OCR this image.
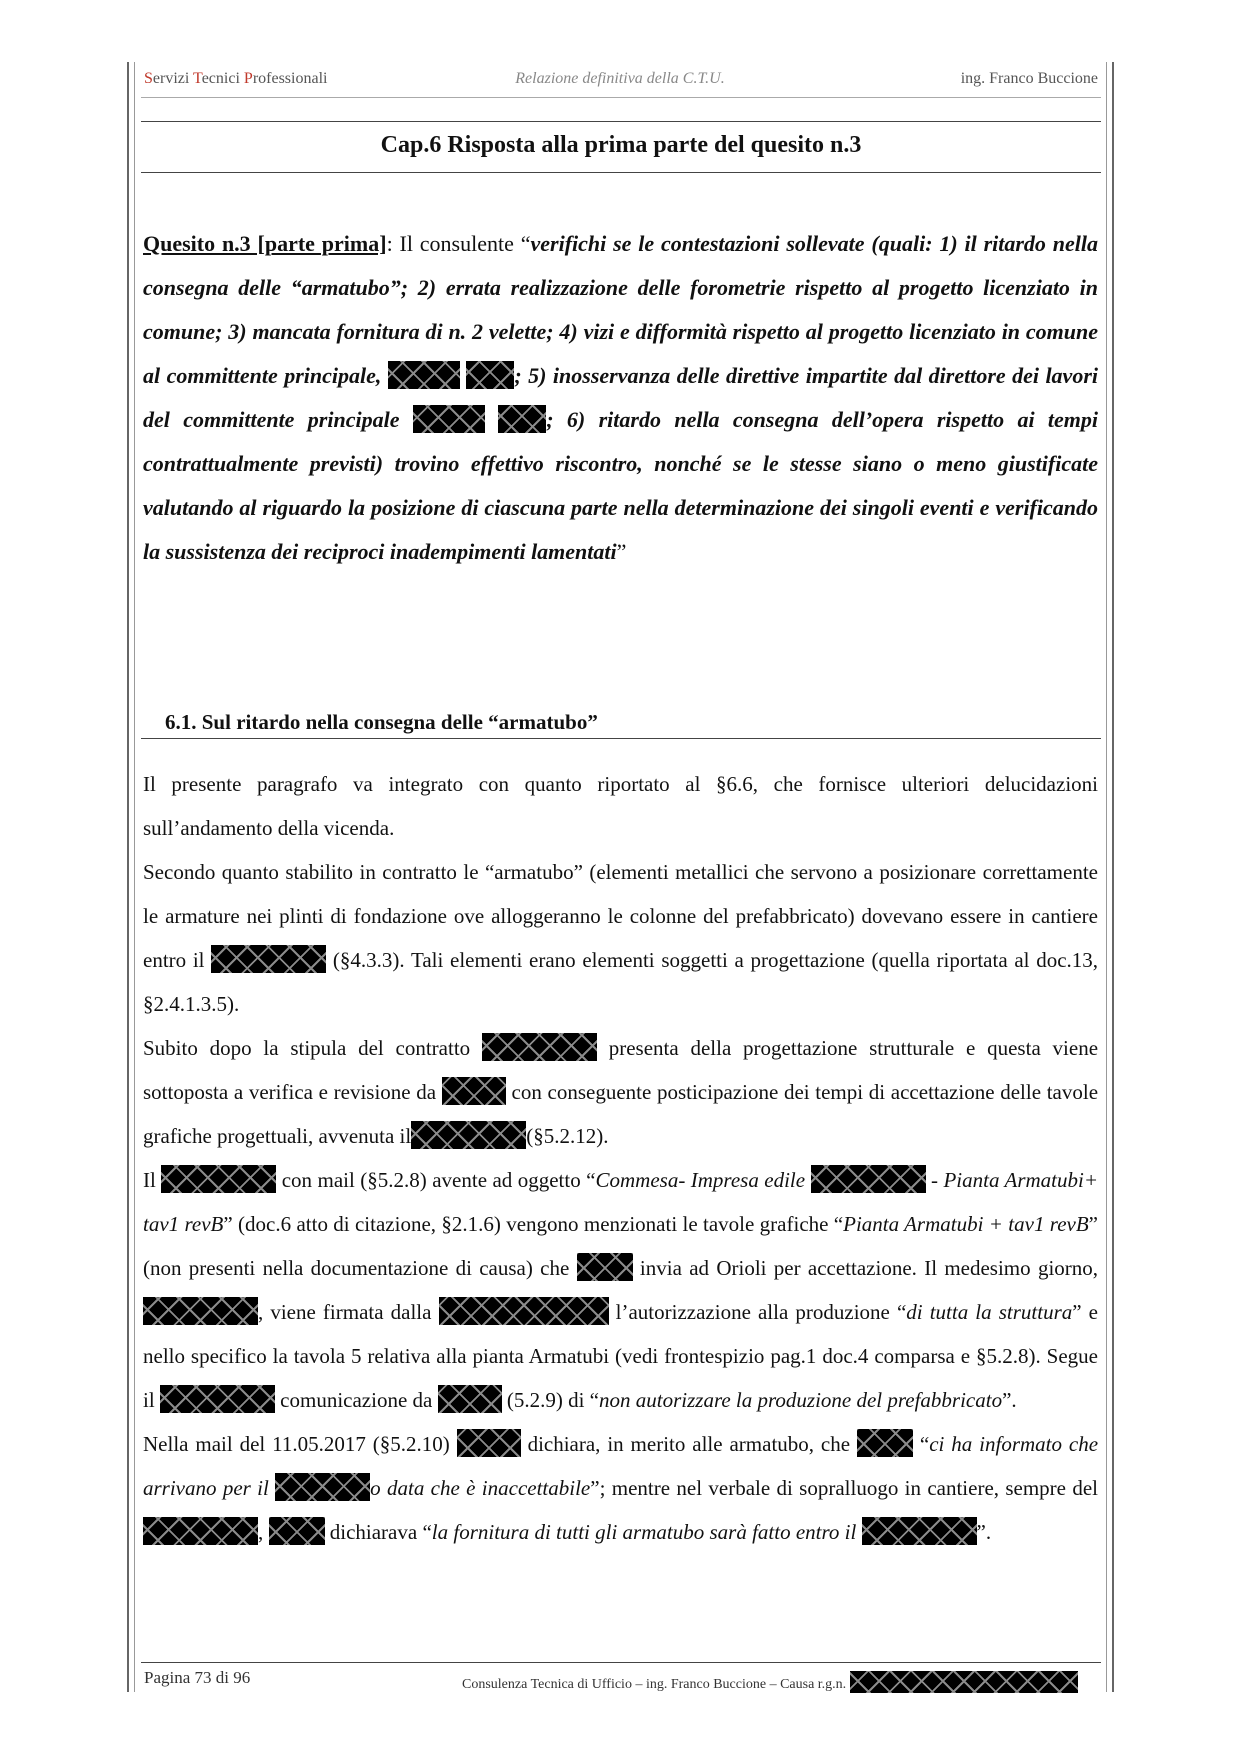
Servizi Tecnici Professionali	Relazione definitiva della C.T.U.	ing. Franco Buccione
Cap.6 Risposta alla prima parte del quesito n.3
Quesito n.3 [parte prima]: Il consulente “verifichi se le contestazioni sollevate (quali: 1) il ritardo nella consegna delle “armatubo”; 2) errata realizzazione delle forometrie rispetto al progetto licenziato in comune; 3) mancata fornitura di n. 2 velette; 4) vizi e difformità rispetto al progetto licenziato in comune al committente principale,	; 5) inosservanza delle direttive impartite dal direttore dei lavori del committente principale	; 6) ritardo nella consegna dell’opera rispetto ai tempi contrattualmente previsti) trovino effettivo riscontro, nonché se le stesse siano o meno giustificate valutando al riguardo la posizione di ciascuna parte nella determinazione dei singoli eventi e verificando la sussistenza dei reciproci inadempimenti lamentati”
6.1. Sul ritardo nella consegna delle “armatubo”

Il presente paragrafo va integrato con quanto riportato al §6.6, che fornisce ulteriori delucidazioni sull’andamento della vicenda.

Secondo quanto stabilito in contratto le “armatubo” (elementi metallici che servono a posizionare correttamente le armature nei plinti di fondazione ove alloggeranno le colonne del prefabbricato) dovevano essere in cantiere entro il	(§4.3.3). Tali elementi erano elementi soggetti a progettazione (quella riportata al doc.13, §2.4.1.3.5).

Subito dopo la stipula del contratto	presenta della progettazione strutturale e questa viene sottoposta a verifica e revisione da	con conseguente posticipazione dei tempi di accettazione delle tavole grafiche progettuali, avvenuta il	(§5.2.12).

Il	con mail (§5.2.8) avente ad oggetto “Commesa- Impresa edile	- Pianta Armatubi+ tav1 revB” (doc.6 atto di citazione, §2.1.6) vengono menzionati le tavole grafiche “Pianta Armatubi + tav1 revB” (non presenti nella documentazione di causa) che	invia ad Orioli per accettazione. Il medesimo giorno, , viene firmata dalla	l’autorizzazione alla produzione “di tutta la struttura” e nello specifico la tavola 5 relativa alla pianta Armatubi (vedi frontespizio pag.1 doc.4 comparsa e §5.2.8). Segue il	comunicazione da	(5.2.9) di “non autorizzare la produzione del prefabbricato”.

Nella mail del 11.05.2017 (§5.2.10)	dichiara, in merito alle armatubo, che	“ci ha informato che arrivano per il	o data che è inaccettabile”; mentre nel verbale di sopralluogo in cantiere, sempre del ,	dichiarava “la fornitura di tutti gli armatubo sarà fatto entro il	”.

Pagina 73 di 96	Consulenza Tecnica di Ufficio – ing. Franco Buccione – Causa r.g.n.
